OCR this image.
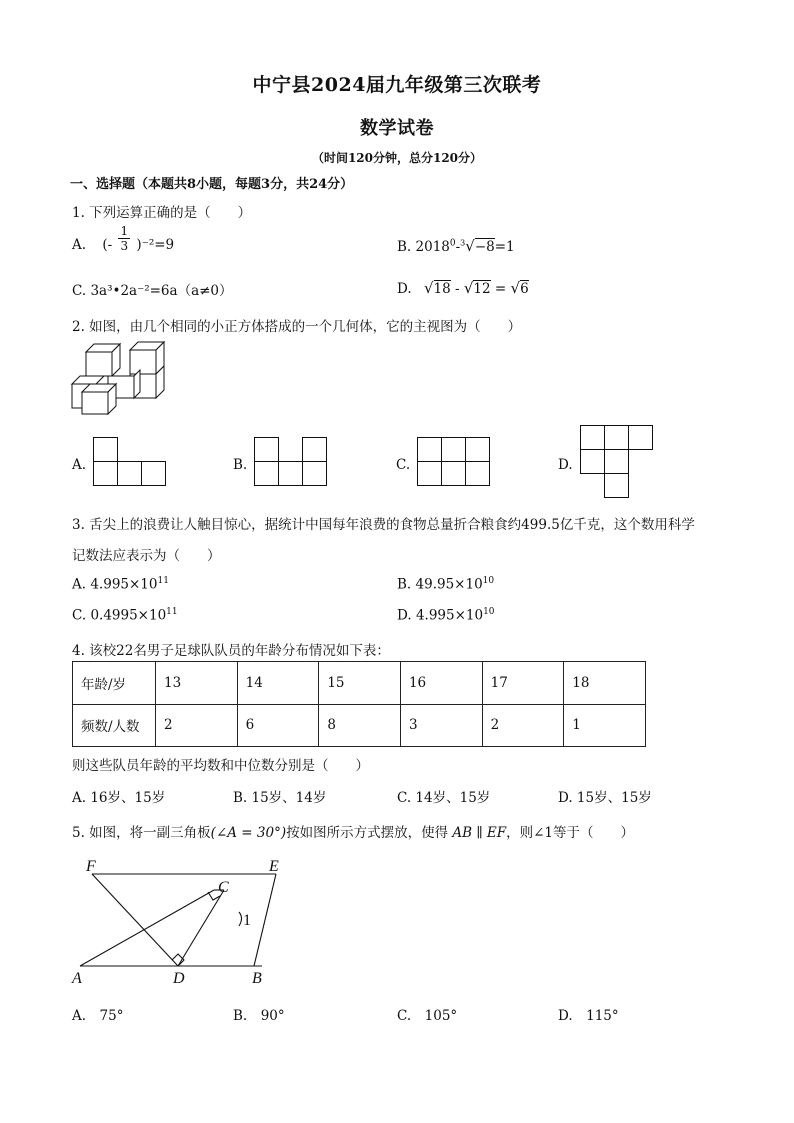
中宁县2024届九年级第三次联考
数学试卷
（时间120分钟，总分120分）
一、选择题（本题共8小题，每题3分，共24分）
1. 下列运算正确的是（　　）
A. (- $\frac{1}{3} )^{-2}=9$	B. $2018^0-^3√-8=1$
C. 3a³•2a⁻²=6a（a≠0）	D. √18 - √12 = √6
2. 如图，由几个相同的小正方体搭成的一个几何体，它的主视图为（　　）
A.	B.	C.	D.
3. 舌尖上的浪费让人触目惊心，据统计中国每年浪费的食物总量折合粮食约499.5亿千克，这个数用科学
记数法应表示为（　　）
A. $4.995\times 10^{11}$	B. $49.95\times 10^{10}$
C. $0.4995\times 10^{11}$	D. $4.995\times 10^{10}$
4. 该校22名男子足球队队员的年龄分布情况如下表：
年龄/岁	13	14	15	16	17	18
频数/人数	2	6	8	3	2	1
则这些队员年龄的平均数和中位数分别是（　　）
A. 16岁、15岁	B. 15岁、14岁	C. 14岁、15岁	D. 15岁、15岁
5. 如图，将一副三角板(∠A = 30°)按如图所示方式摆放，使得 AB ∥ EF，则∠1等于（　　）
F	E
C
1
A	D	B
A.　75°	B.　90°	C.　105°	D.　115°
